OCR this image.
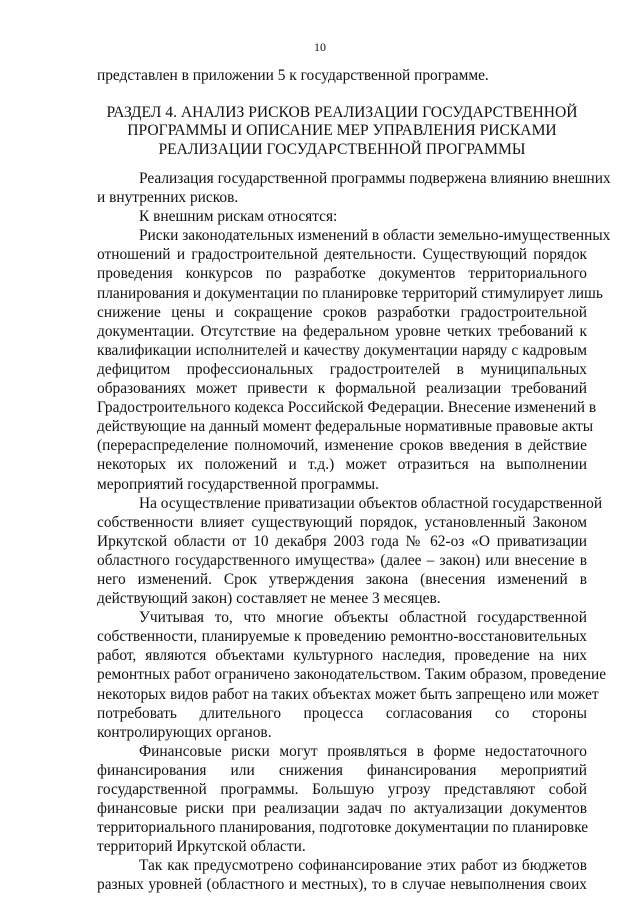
10
представлен в приложении 5 к государственной программе.
РАЗДЕЛ 4. АНАЛИЗ РИСКОВ РЕАЛИЗАЦИИ ГОСУДАРСТВЕННОЙ
ПРОГРАММЫ И ОПИСАНИЕ МЕР УПРАВЛЕНИЯ РИСКАМИ
РЕАЛИЗАЦИИ ГОСУДАРСТВЕННОЙ ПРОГРАММЫ
Реализация государственной программы подвержена влиянию внешних
и внутренних рисков.
К внешним рискам относятся:
Риски законодательных изменений в области земельно-имущественных
отношений и градостроительной деятельности. Существующий порядок
проведения конкурсов по разработке документов территориального
планирования и документации по планировке территорий стимулирует лишь
снижение цены и сокращение сроков разработки градостроительной
документации. Отсутствие на федеральном уровне четких требований к
квалификации исполнителей и качеству документации наряду с кадровым
дефицитом профессиональных градостроителей в муниципальных
образованиях может привести к формальной реализации требований
Градостроительного кодекса Российской Федерации. Внесение изменений в
действующие на данный момент федеральные нормативные правовые акты
(перераспределение полномочий, изменение сроков введения в действие
некоторых их положений и т.д.) может отразиться на выполнении
мероприятий государственной программы.
На осуществление приватизации объектов областной государственной
собственности влияет существующий порядок, установленный Законом
Иркутской области от 10 декабря 2003 года № 62-оз «О приватизации
областного государственного имущества» (далее – закон) или внесение в
него изменений. Срок утверждения закона (внесения изменений в
действующий закон) составляет не менее 3 месяцев.
Учитывая то, что многие объекты областной государственной
собственности, планируемые к проведению ремонтно-восстановительных
работ, являются объектами культурного наследия, проведение на них
ремонтных работ ограничено законодательством. Таким образом, проведение
некоторых видов работ на таких объектах может быть запрещено или может
потребовать длительного процесса согласования со стороны
контролирующих органов.
Финансовые риски могут проявляться в форме недостаточного
финансирования или снижения финансирования мероприятий
государственной программы. Большую угрозу представляют собой
финансовые риски при реализации задач по актуализации документов
территориального планирования, подготовке документации по планировке
территорий Иркутской области.
Так как предусмотрено софинансирование этих работ из бюджетов
разных уровней (областного и местных), то в случае невыполнения своих
